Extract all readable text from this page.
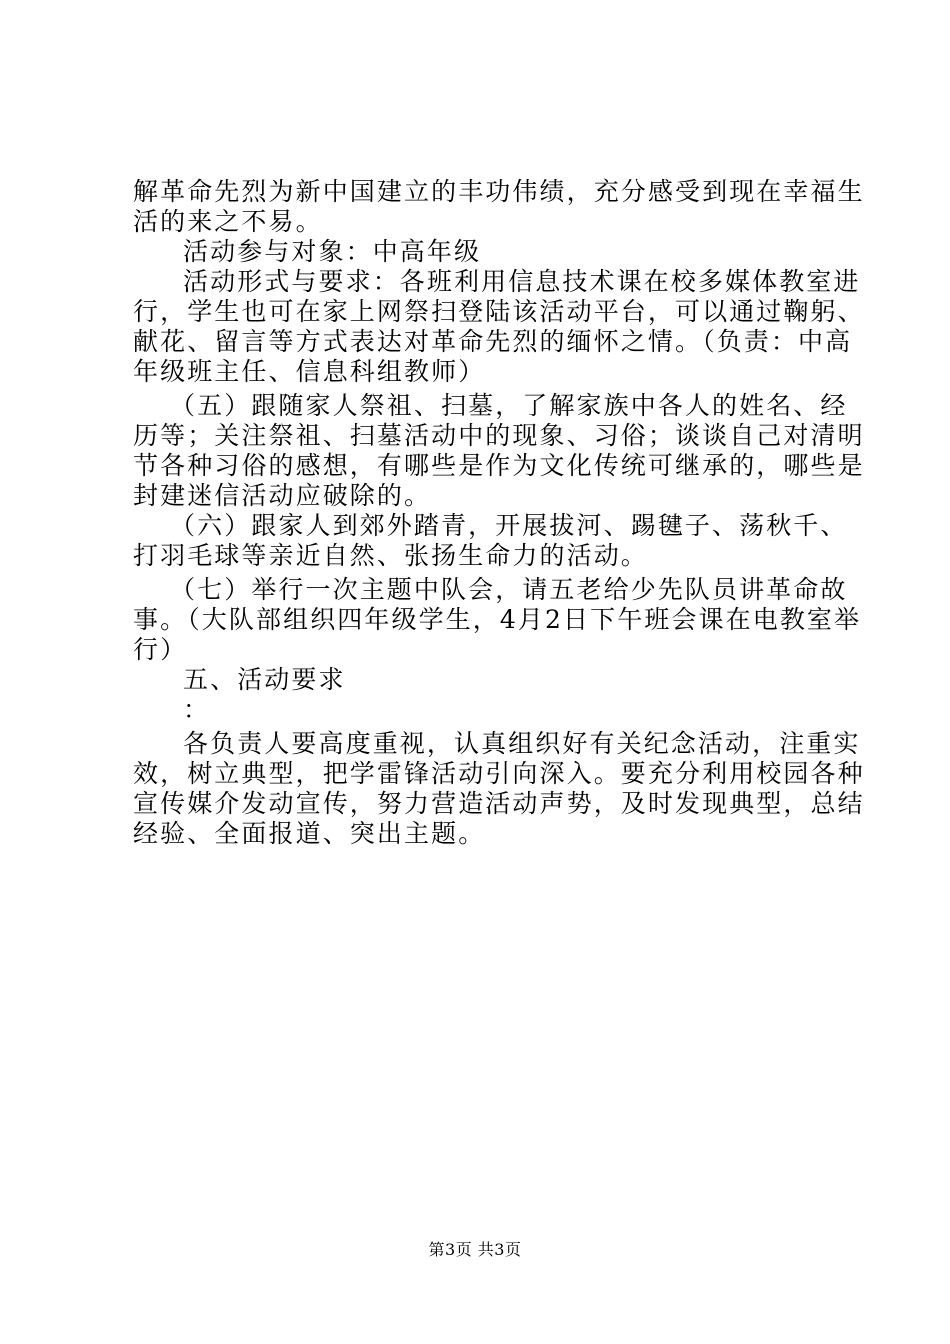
解革命先烈为新中国建立的丰功伟绩，充分感受到现在幸福生
活的来之不易。
活动参与对象：中高年级
活动形式与要求：各班利用信息技术课在校多媒体教室进
行，学生也可在家上网祭扫登陆该活动平台，可以通过鞠躬、
献花、留言等方式表达对革命先烈的缅怀之情。（负责：中高
年级班主任、信息科组教师）
（五）跟随家人祭祖、扫墓，了解家族中各人的姓名、经
历等；关注祭祖、扫墓活动中的现象、习俗；谈谈自己对清明
节各种习俗的感想，有哪些是作为文化传统可继承的，哪些是
封建迷信活动应破除的。
（六）跟家人到郊外踏青，开展拔河、踢毽子、荡秋千、
打羽毛球等亲近自然、张扬生命力的活动。
（七）举行一次主题中队会，请五老给少先队员讲革命故
事。（大队部组织四年级学生，4月2日下午班会课在电教室举
行）
五、活动要求
：
各负责人要高度重视，认真组织好有关纪念活动，注重实
效，树立典型，把学雷锋活动引向深入。要充分利用校园各种
宣传媒介发动宣传，努力营造活动声势，及时发现典型，总结
经验、全面报道、突出主题。
第3页 共3页
